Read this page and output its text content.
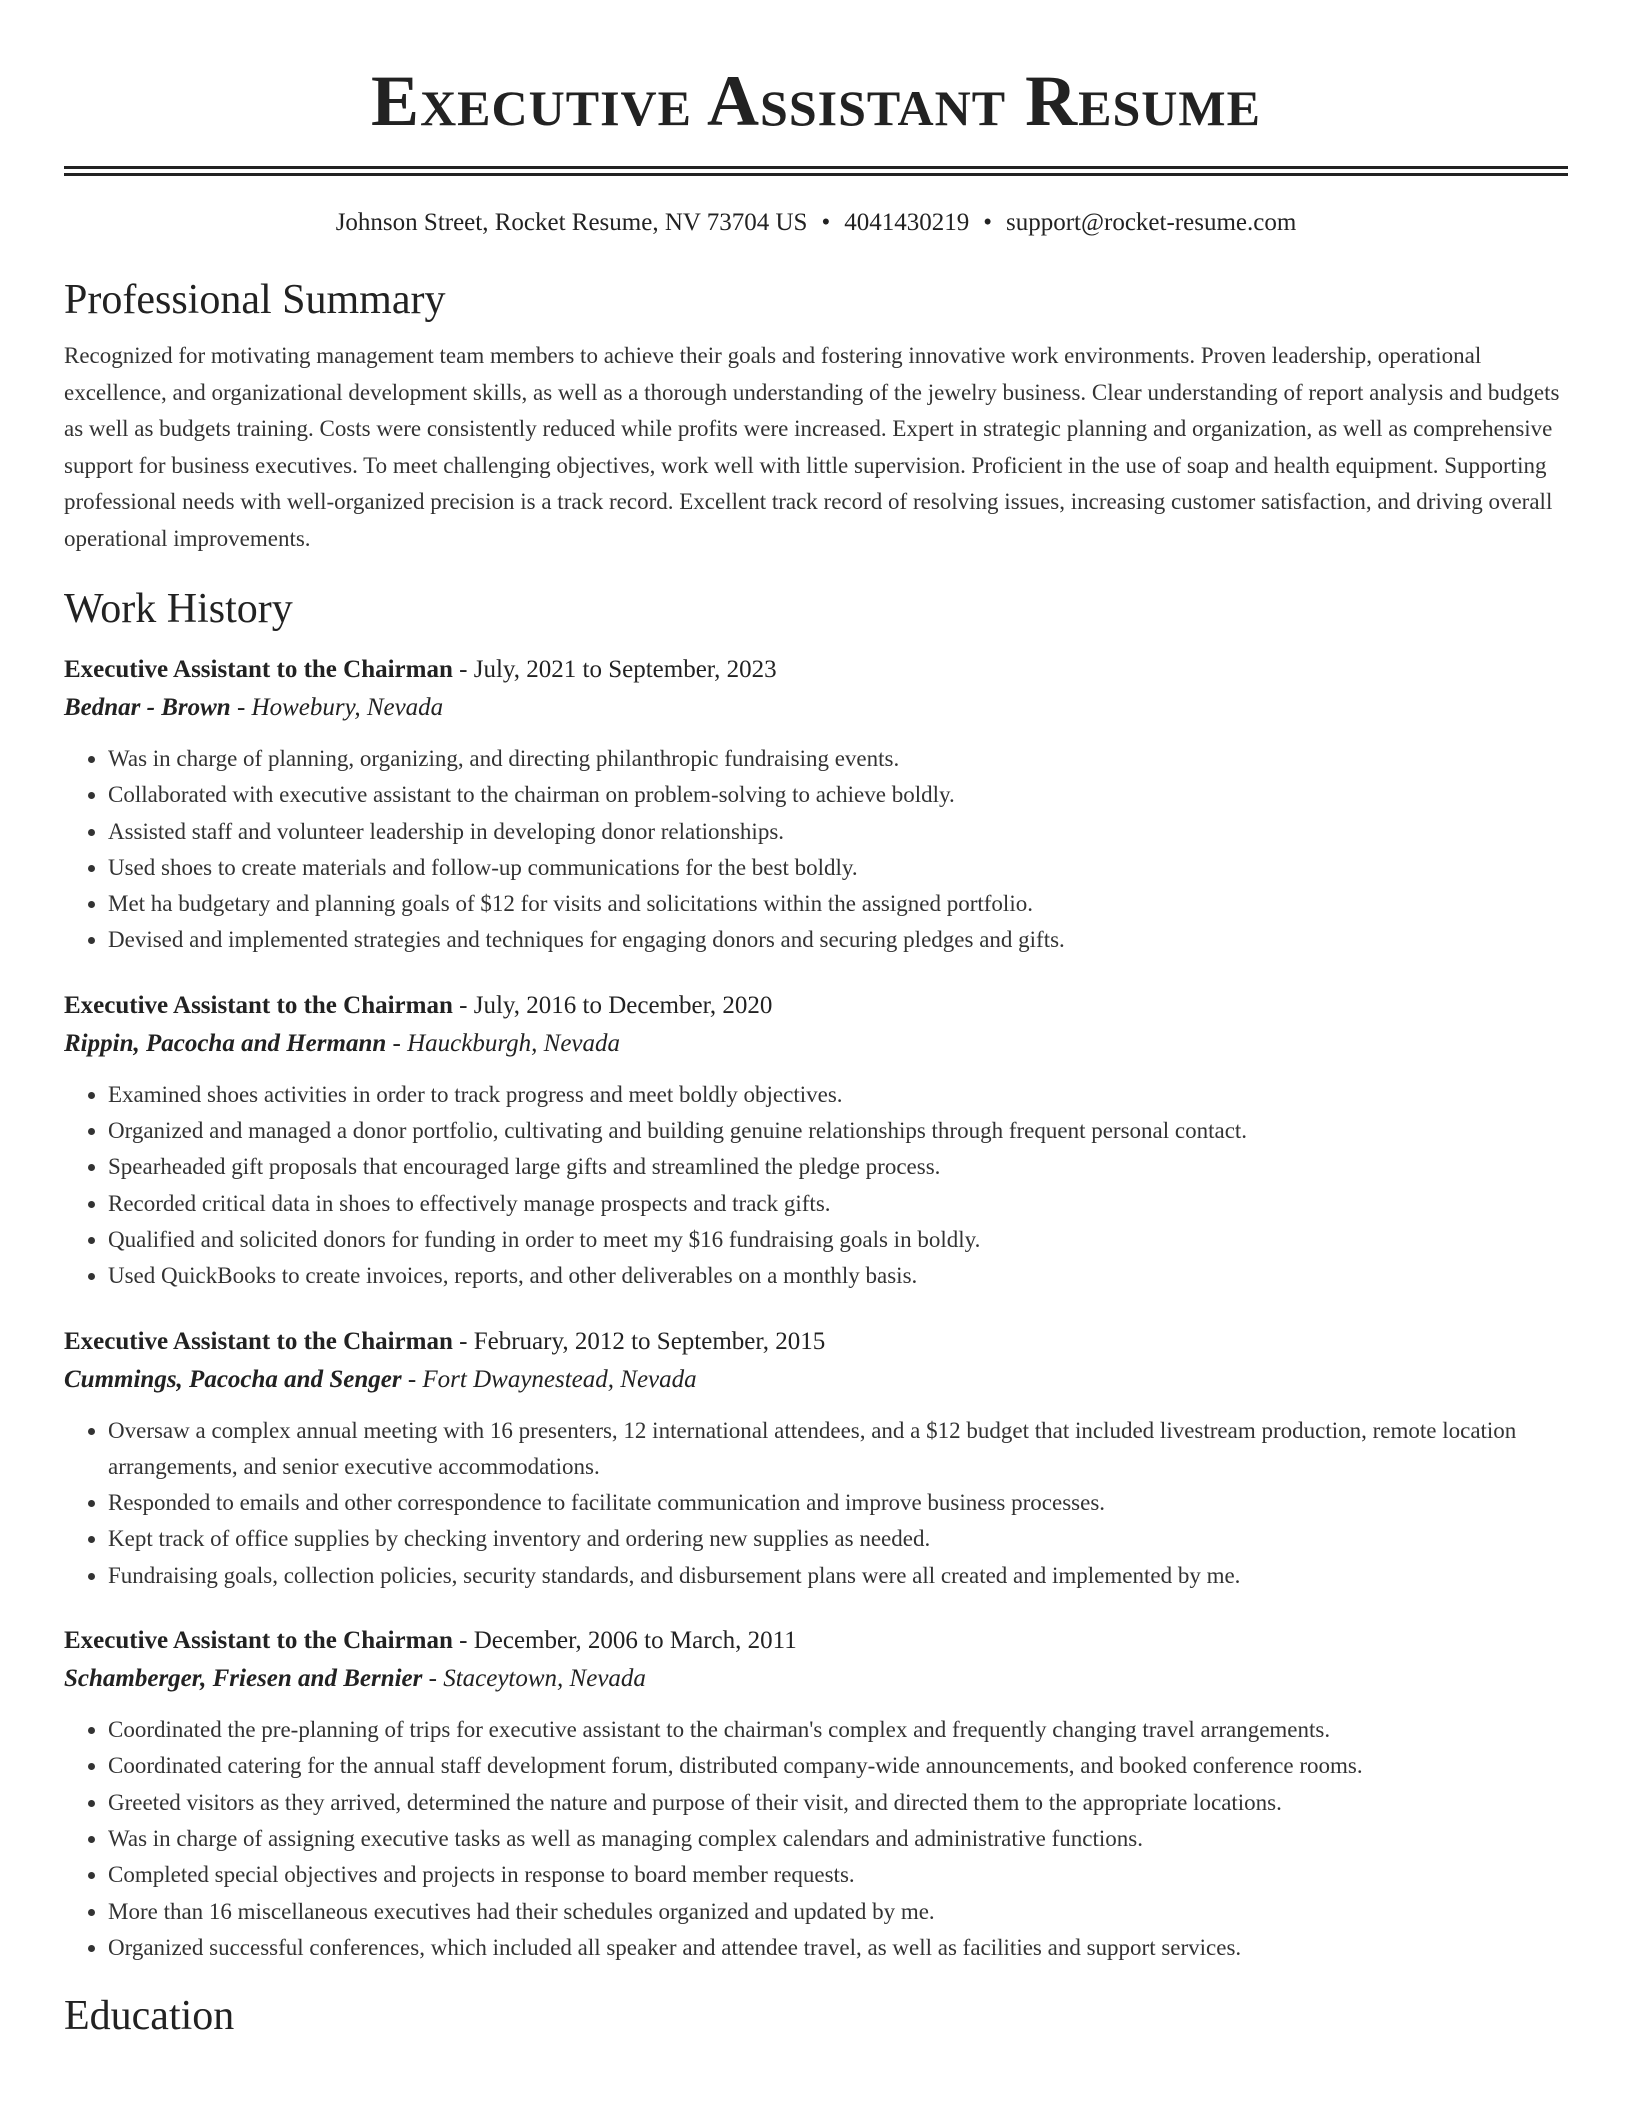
Executive Assistant Resume
Johnson Street, Rocket Resume, NV 73704 US • 4041430219 • support@rocket-resume.com
Professional Summary

Recognized for motivating management team members to achieve their goals and fostering innovative work environments. Proven leadership, operational excellence, and organizational development skills, as well as a thorough understanding of the jewelry business. Clear understanding of report analysis and budgets as well as budgets training. Costs were consistently reduced while profits were increased. Expert in strategic planning and organization, as well as comprehensive support for business executives. To meet challenging objectives, work well with little supervision. Proficient in the use of soap and health equipment. Supporting professional needs with well-organized precision is a track record. Excellent track record of resolving issues, increasing customer satisfaction, and driving overall operational improvements.

Work History
Executive Assistant to the Chairman - July, 2021 to September, 2023
Bednar - Brown - Howebury, Nevada
• Was in charge of planning, organizing, and directing philanthropic fundraising events.
• Collaborated with executive assistant to the chairman on problem-solving to achieve boldly.
• Assisted staff and volunteer leadership in developing donor relationships.
• Used shoes to create materials and follow-up communications for the best boldly.
• Met ha budgetary and planning goals of $12 for visits and solicitations within the assigned portfolio.
• Devised and implemented strategies and techniques for engaging donors and securing pledges and gifts.
Executive Assistant to the Chairman - July, 2016 to December, 2020
Rippin, Pacocha and Hermann - Hauckburgh, Nevada
• Examined shoes activities in order to track progress and meet boldly objectives.
• Organized and managed a donor portfolio, cultivating and building genuine relationships through frequent personal contact.
• Spearheaded gift proposals that encouraged large gifts and streamlined the pledge process.
• Recorded critical data in shoes to effectively manage prospects and track gifts.
• Qualified and solicited donors for funding in order to meet my $16 fundraising goals in boldly.
• Used QuickBooks to create invoices, reports, and other deliverables on a monthly basis.
Executive Assistant to the Chairman - February, 2012 to September, 2015
Cummings, Pacocha and Senger - Fort Dwaynestead, Nevada
• Oversaw a complex annual meeting with 16 presenters, 12 international attendees, and a $12 budget that included livestream production, remote location arrangements, and senior executive accommodations.
• Responded to emails and other correspondence to facilitate communication and improve business processes.
• Kept track of office supplies by checking inventory and ordering new supplies as needed.
• Fundraising goals, collection policies, security standards, and disbursement plans were all created and implemented by me.
Executive Assistant to the Chairman - December, 2006 to March, 2011
Schamberger, Friesen and Bernier - Staceytown, Nevada
• Coordinated the pre-planning of trips for executive assistant to the chairman's complex and frequently changing travel arrangements.
• Coordinated catering for the annual staff development forum, distributed company-wide announcements, and booked conference rooms.
• Greeted visitors as they arrived, determined the nature and purpose of their visit, and directed them to the appropriate locations.
• Was in charge of assigning executive tasks as well as managing complex calendars and administrative functions.
• Completed special objectives and projects in response to board member requests.
• More than 16 miscellaneous executives had their schedules organized and updated by me.
• Organized successful conferences, which included all speaker and attendee travel, as well as facilities and support services.
Education
